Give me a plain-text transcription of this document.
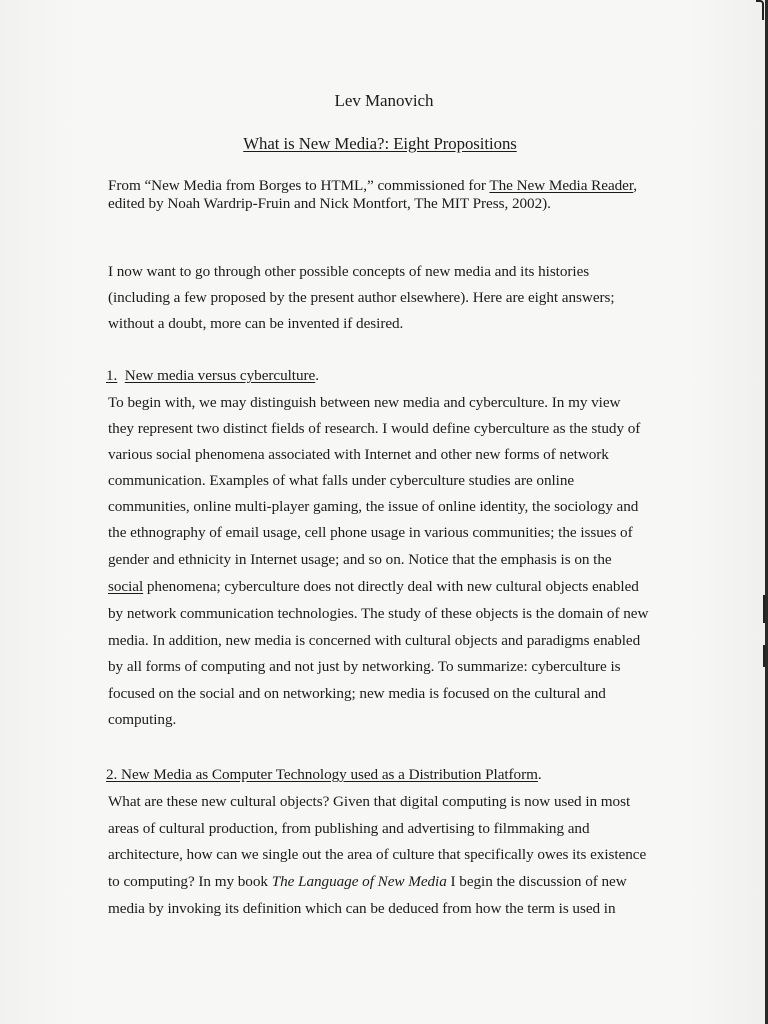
Lev Manovich
What is New Media?: Eight Propositions
From “New Media from Borges to HTML,” commissioned for The New Media Reader,
edited by Noah Wardrip-Fruin and Nick Montfort, The MIT Press, 2002).
I now want to go through other possible concepts of new media and its histories
(including a few proposed by the present author elsewhere). Here are eight answers;
without a doubt, more can be invented if desired.
1. New media versus cyberculture.
To begin with, we may distinguish between new media and cyberculture. In my view
they represent two distinct fields of research. I would define cyberculture as the study of
various social phenomena associated with Internet and other new forms of network
communication. Examples of what falls under cyberculture studies are online
communities, online multi-player gaming, the issue of online identity, the sociology and
the ethnography of email usage, cell phone usage in various communities; the issues of
gender and ethnicity in Internet usage; and so on. Notice that the emphasis is on the
social phenomena; cyberculture does not directly deal with new cultural objects enabled
by network communication technologies. The study of these objects is the domain of new
media. In addition, new media is concerned with cultural objects and paradigms enabled
by all forms of computing and not just by networking. To summarize: cyberculture is
focused on the social and on networking; new media is focused on the cultural and
computing.
2. New Media as Computer Technology used as a Distribution Platform.
What are these new cultural objects? Given that digital computing is now used in most
areas of cultural production, from publishing and advertising to filmmaking and
architecture, how can we single out the area of culture that specifically owes its existence
to computing? In my book The Language of New Media I begin the discussion of new
media by invoking its definition which can be deduced from how the term is used in
